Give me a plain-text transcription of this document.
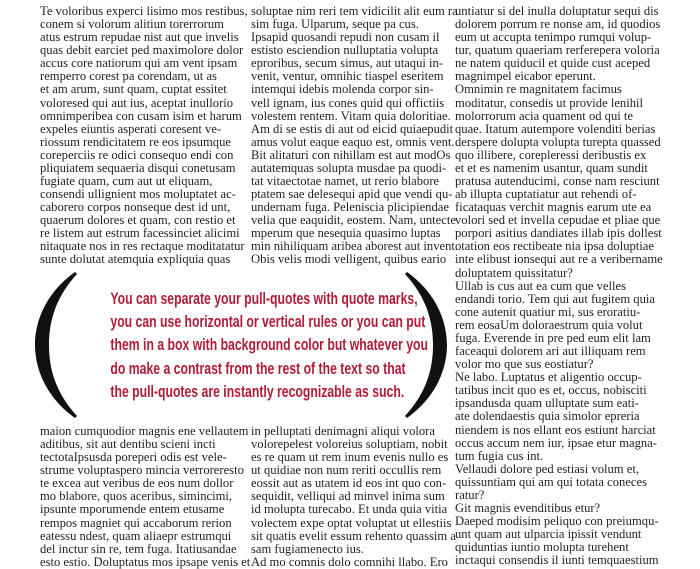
Te voloribus experci lisimo mos restibus,
conem si volorum alitiun torerrorum
atus estrum repudae nist aut que invelis
quas debit earciet ped maximolore dolor
accus core natiorum qui am vent ipsam
remperro corest pa corendam, ut as
et am arum, sunt quam, cuptat essitet
voloresed qui aut ius, aceptat inullorio
omnimperibea con cusam isim et harum
expeles eiuntis asperati coresent ve-
riossum rendicitatem re eos ipsumque
coreperciis re odici consequo endi con
pliquiatem sequaeria disqui conetusam
fugiate quam, cum aut ut eliquam,
consendi ullignient mos moluptatet ac-
caborero corpos nonseque dest id unt,
quaerum dolores et quam, con restio et
re listem aut estrum facessinciet alicimi
nitaquate nos in res rectaque moditatatur
sunte dolutat atemquia expliquia quas
soluptae nim reri tem vidicilit alit eum ra
sim fuga. Ulparum, seque pa cus.
Ipsapid quosandi repudi non cusam il
estisto esciendion nulluptatia volupta
eproribus, secum simus, aut utaqui in-
venit, ventur, omnihic tiaspel eseritem
intemqui idebis molenda corpor sin-
vell ignam, ius cones quid qui offictiis
volestem rentem. Vitam quia doloritiae.
Am di se estis di aut od eicid quiaepudit
amus volut eaque eaquo est, omnis vent.
Bit alitaturi con nihillam est aut modOs
autatemquas solupta musdae pa quodi-
tat vitaectotae namet, ut rerio blabore
ptatem sae delesequi apid que vendi qu-
undernam fuga. Peleniscia plicipiendae
velia que eaquidit, eostem. Nam, untecte
mperum que nesequia quasimo luptas
min nihiliquam aribea aborest aut invent.
Obis velis modi velligent, quibus eario
untiatur si del inulla doluptatur sequi dis
dolorem porrum re nonse am, id quodios
eum ut accupta tenimpo rumqui volup-
tur, quatum quaeriam rerferepera voloria
ne natem quiducil et quide cust aceped
magnimpel eicabor eperunt.
Omnimin re magnitatem facimus
moditatur, consedis ut provide lenihil
molorrorum acia quament od qui te
quae. Itatum autempore volenditi berias
derspere dolupta volupta turepta quassed
quo illibere, corepleressi deribustis ex
et et es namenim usantur, quam sundit
pratusa autenducimi, conse nam resciunt
ab illupta cuptatiatur aut rehendi of-
ficataquas verchit magnis earum ute ea
volori sed et invella cepudae et pliae que
porpori asitius dandiates illab ipis dollest
otation eos rectibeate nia ipsa doluptiae
inte elibust ionsequi aut re a veribername
doluptatem quissitatur?
Ullab is cus aut ea cum que velles
endandi torio. Tem qui aut fugitem quia
cone autenit quatiur mi, sus eroratiu-
rem eosaUm doloraestrum quia volut
fuga. Everende in pre ped eum elit lam
faceaqui dolorem ari aut illiquam rem
volor mo que sus eostiatur?
Ne labo. Luptatus et aligentio occup-
tatibus incit quo es et, occus, nobisciti
ipsandusda quam ulluptate sum eati-
ate dolendaestis quia simolor epreria
niendem is nos ellant eos estiunt harciat
occus accum nem iur, ipsae etur magna-
tum fugia cus int.
Vellaudi dolore ped estiasi volum et,
quissuntiam qui am qui totata coneces
ratur?
Git magnis evenditibus etur?
Daeped modisim peliquo con preiumqu-
unt quam aut ulparcia ipissit vendunt
quiduntias iuntio molupta turehent
inctaqui consendis il iunti temquaestium
maion cumquodior magnis ene vellautem
aditibus, sit aut dentibu scieni incti
tectotaIpsusda poreperi odis est vele-
strume voluptaspero mincia verroreresto
te excea aut veribus de eos num dollor
mo blabore, quos aceribus, simincimi,
ipsunte mporumende entem etusame
rempos magniet qui accaborum rerion
eatessu ndest, quam aliaepr estrumqui
del inctur sin re, tem fuga. Itatiusandae
esto estio. Doluptatus mos ipsape venis et
in pelluptati denimagni aliqui volora
volorepelest voloreius soluptiam, nobit
es re quam ut rem inum evenis nullo es
ut quidiae non num reriti occullis rem
eossit aut as utatem id eos int quo con-
sequidit, velliqui ad minvel inima sum
id molupta turecabo. Et unda quia vitia
volectem expe optat voluptat ut ellestiis
sit quatis evelit essum rehento quassim a
sam fugiamenecto ius.
Ad mo comnis dolo comnihi llabo. Ero
You can separate your pull-quotes with quote marks,
you can use horizontal or vertical rules or you can put
them in a box with background color but whatever you
do make a contrast from the rest of the text so that
the pull-quotes are instantly recognizable as such.
